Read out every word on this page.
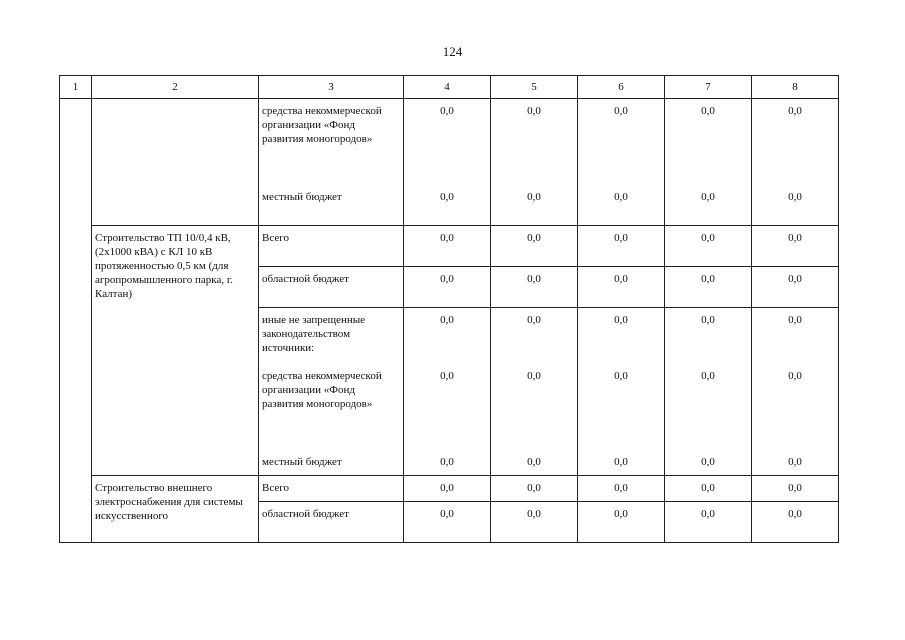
124
1	2	3	4	5	6	7	8
		средства некоммерческой организации «Фонд развития моногородов»	0,0	0,0	0,0	0,0	0,0
		местный бюджет	0,0	0,0	0,0	0,0	0,0
	Строительство ТП 10/0,4 кВ, (2х1000 кВА) с КЛ 10 кВ протяженностью 0,5 км (для агропромышленного парка, г. Калтан)	Всего	0,0	0,0	0,0	0,0	0,0
		областной бюджет	0,0	0,0	0,0	0,0	0,0
		иные не запрещенные законодательством источники:	0,0	0,0	0,0	0,0	0,0
		средства некоммерческой организации «Фонд развития моногородов»	0,0	0,0	0,0	0,0	0,0
		местный бюджет	0,0	0,0	0,0	0,0	0,0
	Строительство внешнего электроснабжения для системы искусственного	Всего	0,0	0,0	0,0	0,0	0,0
		областной бюджет	0,0	0,0	0,0	0,0	0,0
